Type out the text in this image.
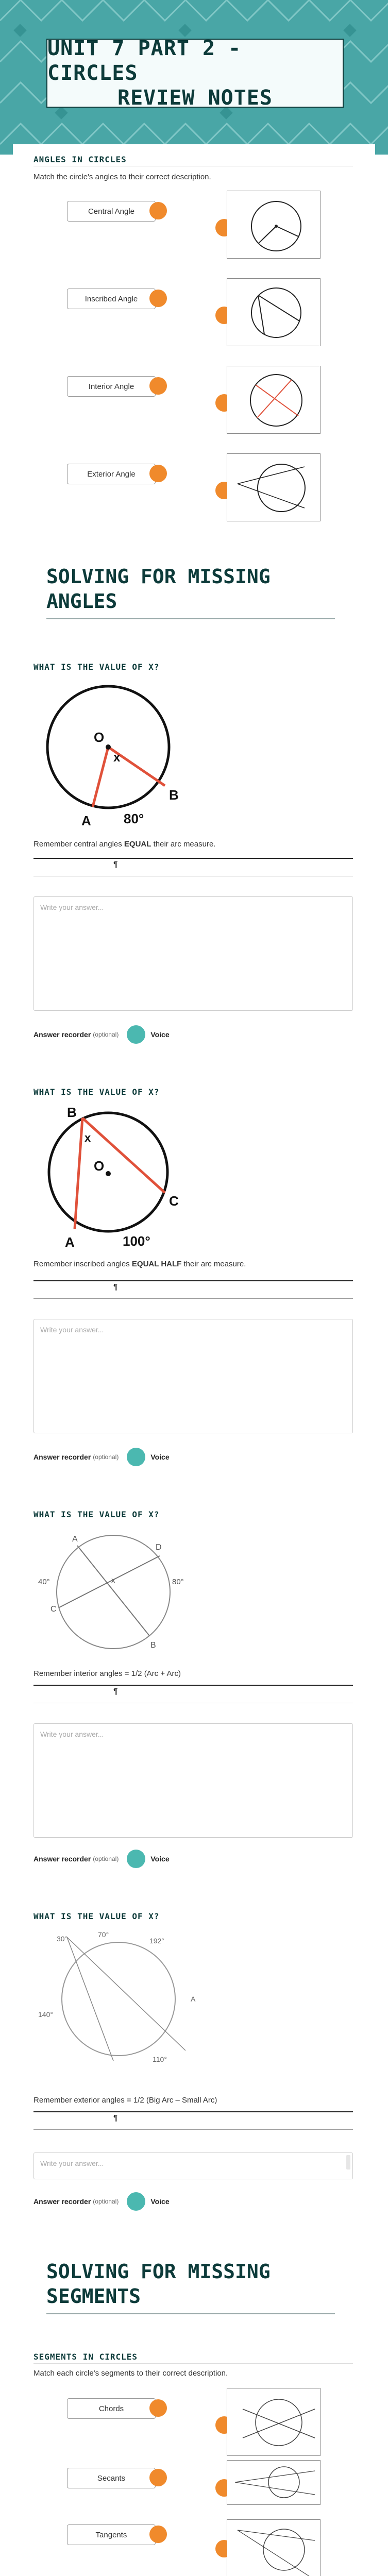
UNIT 7 PART 2 - CIRCLES
REVIEW NOTES
ANGLES IN CIRCLES
Match the circle's angles to their correct description.
Central Angle
Inscribed Angle
Interior Angle
Exterior Angle
SOLVING FOR MISSING
ANGLES
WHAT IS THE VALUE OF X?
O
x
A
B
80°
Remember central angles EQUAL their arc measure.
¶
Write your answer...
Answer recorder (optional)	Voice
WHAT IS THE VALUE OF X?
B
O
x
A
C
100°
Remember inscribed angles EQUAL HALF their arc measure.
¶
Write your answer...
Answer recorder (optional)	Voice
WHAT IS THE VALUE OF X?
A
D
C
B
40°	80°
x
Remember interior angles = 1/2 (Arc + Arc)
¶
Write your answer...
Answer recorder (optional)	Voice
WHAT IS THE VALUE OF X?
30°	70°
192°
140°
110°
A
Remember exterior angles = 1/2 (Big Arc – Small Arc)
¶
Write your answer...
Answer recorder (optional)	Voice
SOLVING FOR MISSING
SEGMENTS
SEGMENTS IN CIRCLES
Match each circle's segments to their correct description.
Chords
Secants
Tangents
